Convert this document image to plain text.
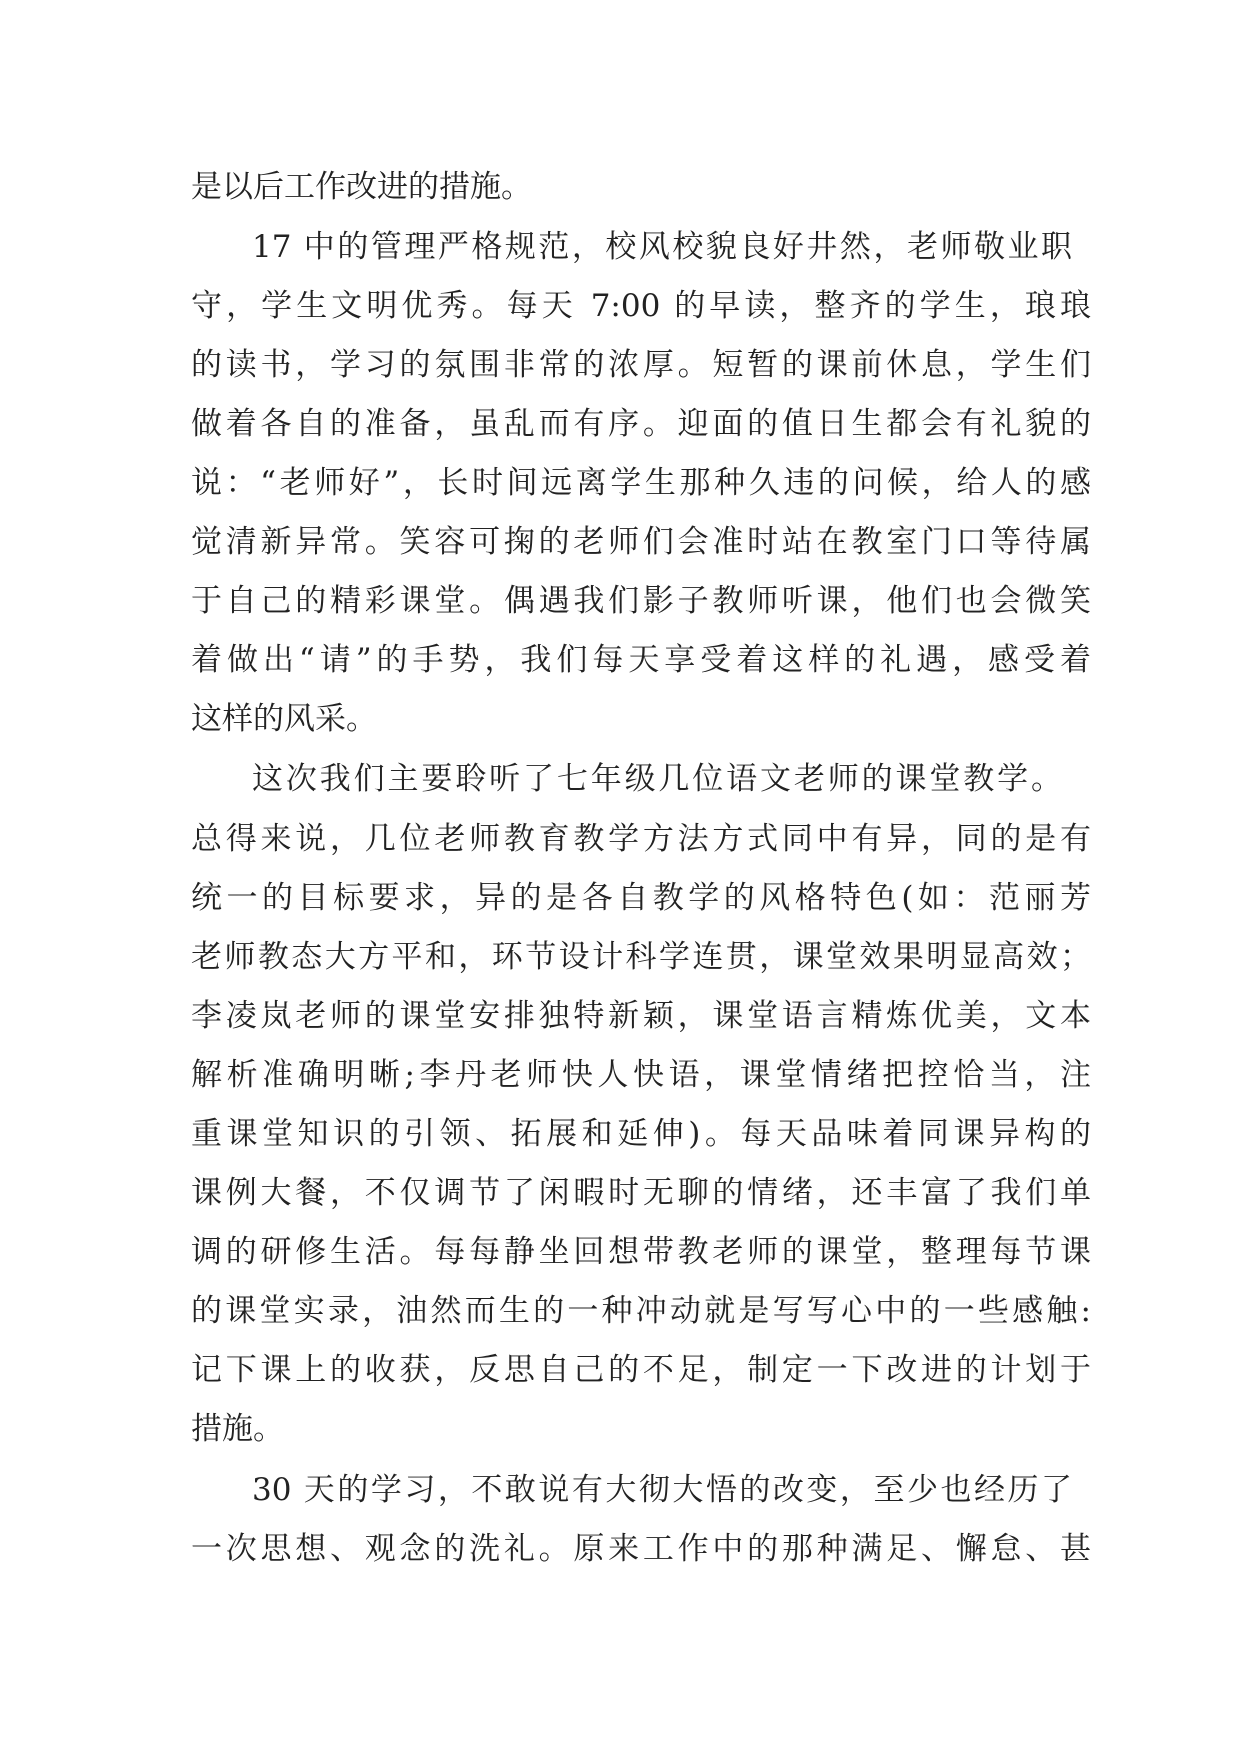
是以后工作改进的措施。
17 中的管理严格规范，校风校貌良好井然，老师敬业职
守，学生文明优秀。每天 7:00 的早读，整齐的学生，琅琅
的读书，学习的氛围非常的浓厚。短暂的课前休息，学生们
做着各自的准备，虽乱而有序。迎面的值日生都会有礼貌的
说：“老师好”，长时间远离学生那种久违的问候，给人的感
觉清新异常。笑容可掬的老师们会准时站在教室门口等待属
于自己的精彩课堂。偶遇我们影子教师听课，他们也会微笑
着做出“请”的手势，我们每天享受着这样的礼遇，感受着
这样的风采。
这次我们主要聆听了七年级几位语文老师的课堂教学。
总得来说，几位老师教育教学方法方式同中有异，同的是有
统一的目标要求，异的是各自教学的风格特色(如：范丽芳
老师教态大方平和，环节设计科学连贯，课堂效果明显高效；
李凌岚老师的课堂安排独特新颖，课堂语言精炼优美，文本
解析准确明晰;李丹老师快人快语，课堂情绪把控恰当，注
重课堂知识的引领、拓展和延伸)。每天品味着同课异构的
课例大餐，不仅调节了闲暇时无聊的情绪，还丰富了我们单
调的研修生活。每每静坐回想带教老师的课堂，整理每节课
的课堂实录，油然而生的一种冲动就是写写心中的一些感触:
记下课上的收获，反思自己的不足，制定一下改进的计划于
措施。
30 天的学习，不敢说有大彻大悟的改变，至少也经历了
一次思想、观念的洗礼。原来工作中的那种满足、懈怠、甚
